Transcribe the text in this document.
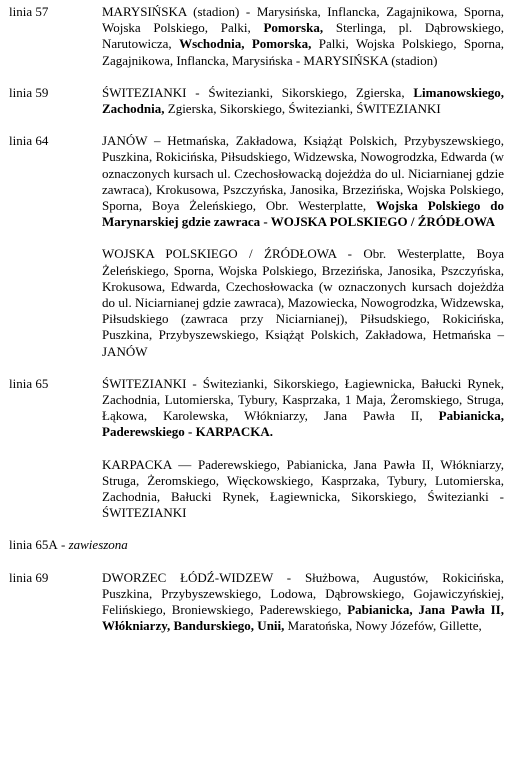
linia 57	MARYSIŃSKA (stadion) - Marysińska, Inflancka, Zagajnikowa, Sporna, Wojska Polskiego, Palki, Pomorska, Sterlinga, pl. Dąbrowskiego, Narutowicza, Wschodnia, Pomorska, Palki, Wojska Polskiego, Sporna, Zagajnikowa, Inflancka, Marysińska - MARYSIŃSKA (stadion)
linia 59	ŚWITEZIANKI - Świtezianki, Sikorskiego, Zgierska, Limanowskiego, Zachodnia, Zgierska, Sikorskiego, Świtezianki, ŚWITEZIANKI
linia 64	JANÓW – Hetmańska, Zakładowa, Książąt Polskich, Przybyszewskiego, Puszkina, Rokicińska, Piłsudskiego, Widzewska, Nowogrodzka, Edwarda (w oznaczonych kursach ul. Czechosłowacką dojeżdża do ul. Niciarnianej gdzie zawraca), Krokusowa, Pszczyńska, Janosika, Brzezińska, Wojska Polskiego, Sporna, Boya Żeleńskiego, Obr. Westerplatte, Wojska Polskiego do Marynarskiej gdzie zawraca - WOJSKA POLSKIEGO / ŹRÓDŁOWA
WOJSKA POLSKIEGO / ŹRÓDŁOWA - Obr. Westerplatte, Boya Żeleńskiego, Sporna, Wojska Polskiego, Brzezińska, Janosika, Pszczyńska, Krokusowa, Edwarda, Czechosłowacka (w oznaczonych kursach dojeżdża do ul. Niciarnianej gdzie zawraca), Mazowiecka, Nowogrodzka, Widzewska, Piłsudskiego (zawraca przy Niciarnianej), Piłsudskiego, Rokicińska, Puszkina, Przybyszewskiego, Książąt Polskich, Zakładowa, Hetmańska – JANÓW
linia 65	ŚWITEZIANKI - Świtezianki, Sikorskiego, Łagiewnicka, Bałucki Rynek, Zachodnia, Lutomierska, Tybury, Kasprzaka, 1 Maja, Żeromskiego, Struga, Łąkowa, Karolewska, Włókniarzy, Jana Pawła II, Pabianicka, Paderewskiego - KARPACKA.
KARPACKA — Paderewskiego, Pabianicka, Jana Pawła II, Włókniarzy, Struga, Żeromskiego, Więckowskiego, Kasprzaka, Tybury, Lutomierska, Zachodnia, Bałucki Rynek, Łagiewnicka, Sikorskiego, Świtezianki - ŚWITEZIANKI
linia 65A - zawieszona
linia 69	DWORZEC ŁÓDŹ-WIDZEW - Służbowa, Augustów, Rokicińska, Puszkina, Przybyszewskiego, Lodowa, Dąbrowskiego, Gojawiczyńskiej, Felińskiego, Broniewskiego, Paderewskiego, Pabianicka, Jana Pawła II, Włókniarzy, Bandurskiego, Unii, Maratońska, Nowy Józefów, Gillette,
